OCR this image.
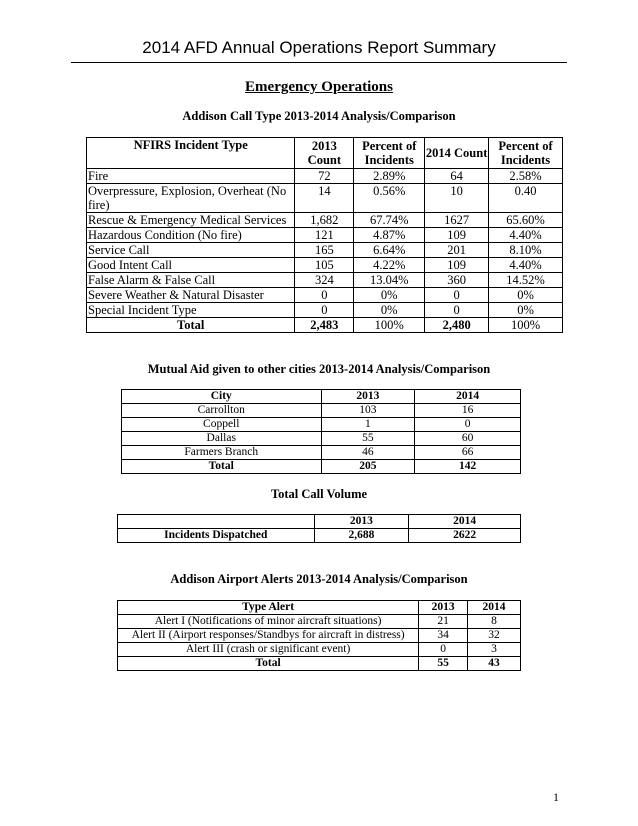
2014 AFD Annual Operations Report Summary
Emergency Operations
Addison Call Type 2013-2014 Analysis/Comparison
NFIRS Incident Type	2013 Count	Percent of Incidents	2014 Count	Percent of Incidents
Fire	72	2.89%	64	2.58%
Overpressure, Explosion, Overheat (No fire)	14	0.56%	10	0.40
Rescue & Emergency Medical Services	1,682	67.74%	1627	65.60%
Hazardous Condition (No fire)	121	4.87%	109	4.40%
Service Call	165	6.64%	201	8.10%
Good Intent Call	105	4.22%	109	4.40%
False Alarm & False Call	324	13.04%	360	14.52%
Severe Weather & Natural Disaster	0	0%	0	0%
Special Incident Type	0	0%	0	0%
Total	2,483	100%	2,480	100%
Mutual Aid given to other cities 2013-2014 Analysis/Comparison
City	2013	2014
Carrollton	103	16
Coppell	1	0
Dallas	55	60
Farmers Branch	46	66
Total	205	142
Total Call Volume
	2013	2014
Incidents Dispatched	2,688	2622
Addison Airport Alerts 2013-2014 Analysis/Comparison
Type Alert	2013	2014
Alert I (Notifications of minor aircraft situations)	21	8
Alert II (Airport responses/Standbys for aircraft in distress)	34	32
Alert III (crash or significant event)	0	3
Total	55	43
1
